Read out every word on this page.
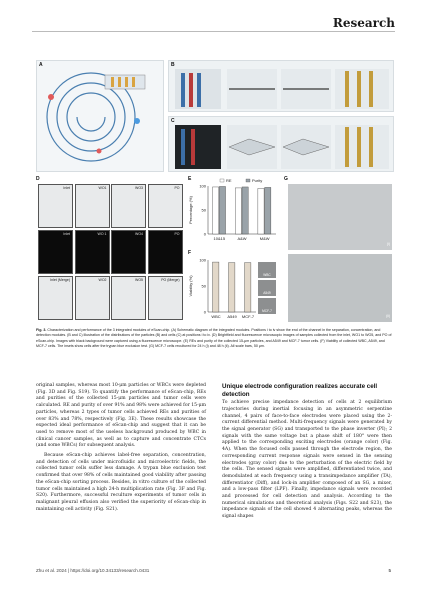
Research
A	B
C
D
Inlet	WO1	WO3	PO
Inlet	WO 1	WO4	PO
Inlet (Merge)	WO2	WO5	PO (Merge)
E
0
50
100
Percentage (%)
10&15	A&W	M&W
RE	Purity
F
0
50
100
Viability (%)
WBC A549 MCF-7
WBC
A549
MCF-7
G
(i)
(ii)
Fig. 3. Characterization and performance of the 3 integrated modules of eScan-chip. (A) Schematic diagram of the integrated modules. Positions i to iv show the end of the channel in the separation, concentration, and detection modules. (B and C) Illustration of the distributions of the particles (B) and cells (C) at positions i to iv. (D) Brightfield and fluorescence microscopic images of samples collected from the inlet, WO1 to WO5, and PO of eScan-chip. Images with black background were captured using a fluorescence microscope. (E) REs and purity of the collected 15-μm particles, and A549 and MCF-7 tumor cells. (F) Viability of collected WBC, A549, and MCF-7 cells. The insets show cells after the trypan blue exclusion test. (G) MCF-7 cells recultured for 24 h (i) and 48 h (ii). All scale bars, 50 μm.

original samples, whereas most 10-μm particles or WBCs were depleted (Fig. 3D and Fig. S19). To quantify the performance of eScan-chip, REs and purities of the collected 15-μm particles and tumor cells were calculated. RE and purity of over 91% and 98% were achieved for 15-μm particles, whereas 2 types of tumor cells achieved REs and purities of over 83% and 78%, respectively (Fig. 3E). These results showcase the expected ideal performance of eScan-chip and suggest that it can be used to remove most of the useless background produced by WBC in clinical cancer samples, as well as to capture and concentrate CTCs (and some WBCs) for subsequent analysis.

Because eScan-chip achieves label-free separation, concentration, and detection of cells under microfluidic and microelectric fields, the collected tumor cells suffer less damage. A trypan blue exclusion test confirmed that over 98% of cells maintained good viability after passing the eScan-chip sorting process. Besides, in vitro culture of the collected tumor cells maintained a high 24-h multiplication rate (Fig. 3F and Fig. S20). Furthermore, successful reculture experiments of tumor cells in malignant pleural effusion also verified the superiority of eScan-chip in maintaining cell activity (Fig. S21).

Unique electrode configuration realizes accurate cell detection

To achieve precise impedance detection of cells at 2 equilibrium trajectories during inertial focusing in an asymmetric serpentine channel, 4 pairs of face-to-face electrodes were placed using the 2-current differential method. Multi-frequency signals were generated by the signal generator (SG) and transported to the phase inverter (PI); 2 signals with the same voltage but a phase shift of 180° were then applied to the corresponding exciting electrodes (orange color) (Fig. 4A). When the focused cells passed through the electrode region, the corresponding current response signals were sensed in the sensing electrodes (gray color) due to the perturbation of the electric field by the cells. The sensed signals were amplified, differentiated twice, and demodulated at each frequency using a transimpedance amplifier (TA), differentiator (Diff), and lock-in amplifier composed of an SG, a mixer, and a low-pass filter (LPF). Finally, impedance signals were recorded and processed for cell detection and analysis. According to the numerical simulations and theoretical analysis (Figs. S22 and S23), the impedance signals of the cell showed 4 alternating peaks, whereas the signal shapes

Zhu et al. 2024 | https://doi.org/10.34133/research.0431	5
